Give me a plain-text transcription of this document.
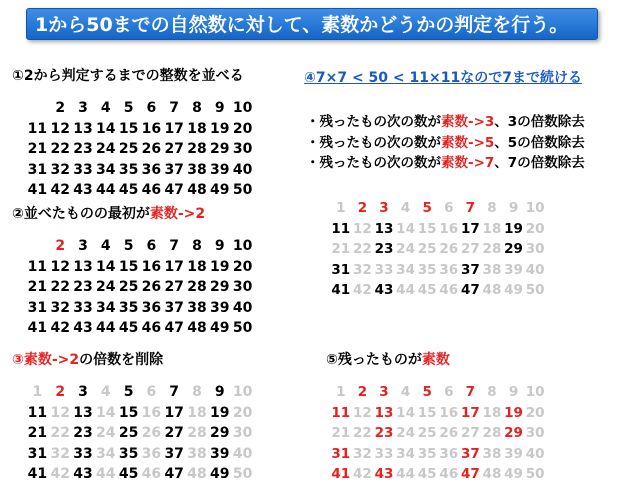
1から50までの自然数に対して、素数かどうかの判定を行う。
①2から判定するまでの整数を並べる
②並べたものの最初が素数->2
③素数->2の倍数を削除
④7×7 < 50 < 11×11なので7まで続ける
⑤残ったものが素数
・残ったもの次の数が素数->3、3の倍数除去
・残ったもの次の数が素数->5、5の倍数除去
・残ったもの次の数が素数->7、7の倍数除去
2 3 4 5 6 7 8 9 10
11 12 13 14 15 16 17 18 19 20
21 22 23 24 25 26 27 28 29 30
31 32 33 34 35 36 37 38 39 40
41 42 43 44 45 46 47 48 49 50
2 3 4 5 6 7 8 9 10
11 12 13 14 15 16 17 18 19 20
21 22 23 24 25 26 27 28 29 30
31 32 33 34 35 36 37 38 39 40
41 42 43 44 45 46 47 48 49 50
1 2 3 4 5 6 7 8 9 10
11 12 13 14 15 16 17 18 19 20
21 22 23 24 25 26 27 28 29 30
31 32 33 34 35 36 37 38 39 40
41 42 43 44 45 46 47 48 49 50
1 2 3 4 5 6 7 8 9 10
11 12 13 14 15 16 17 18 19 20
21 22 23 24 25 26 27 28 29 30
31 32 33 34 35 36 37 38 39 40
41 42 43 44 45 46 47 48 49 50
1 2 3 4 5 6 7 8 9 10
11 12 13 14 15 16 17 18 19 20
21 22 23 24 25 26 27 28 29 30
31 32 33 34 35 36 37 38 39 40
41 42 43 44 45 46 47 48 49 50
